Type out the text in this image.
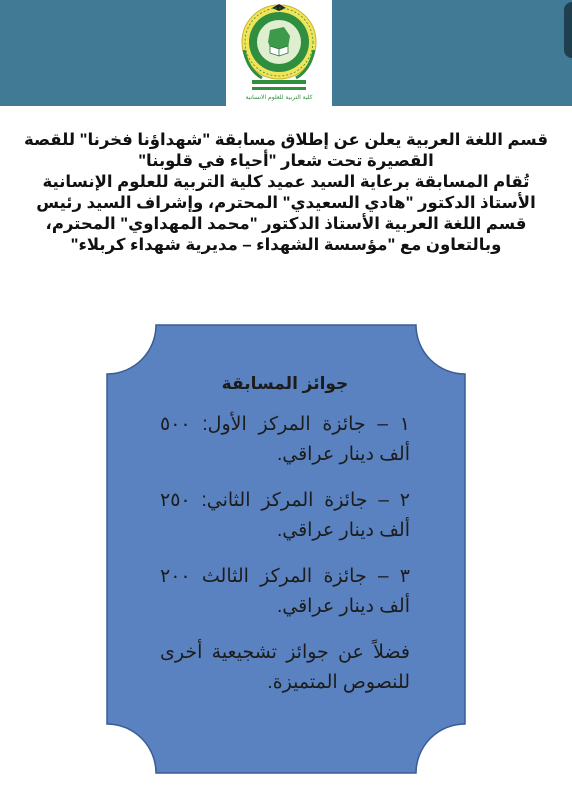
كلية التربية للعلوم الانسانية
قسم اللغة العربية يعلن عن إطلاق مسابقة "شهداؤنا فخرنا" للقصة
القصيرة تحت شعار "أحياء في قلوبنا"
تُقام المسابقة برعاية السيد عميد كلية التربية للعلوم الإنسانية
الأستاذ الدكتور "هادي السعيدي" المحترم، وإشراف السيد رئيس
قسم اللغة العربية الأستاذ الدكتور "محمد المهداوي" المحترم،
وبالتعاون مع "مؤسسة الشهداء – مديرية شهداء كربلاء"
جوائز المسابقة
١ – جائزة المركز الأول: ٥٠٠ ألف دينار عراقي.
٢ – جائزة المركز الثاني: ٢٥٠ ألف دينار عراقي.
٣ – جائزة المركز الثالث ٢٠٠ ألف دينار عراقي.
فضلاً عن جوائز تشجيعية أخرى للنصوص المتميزة.
